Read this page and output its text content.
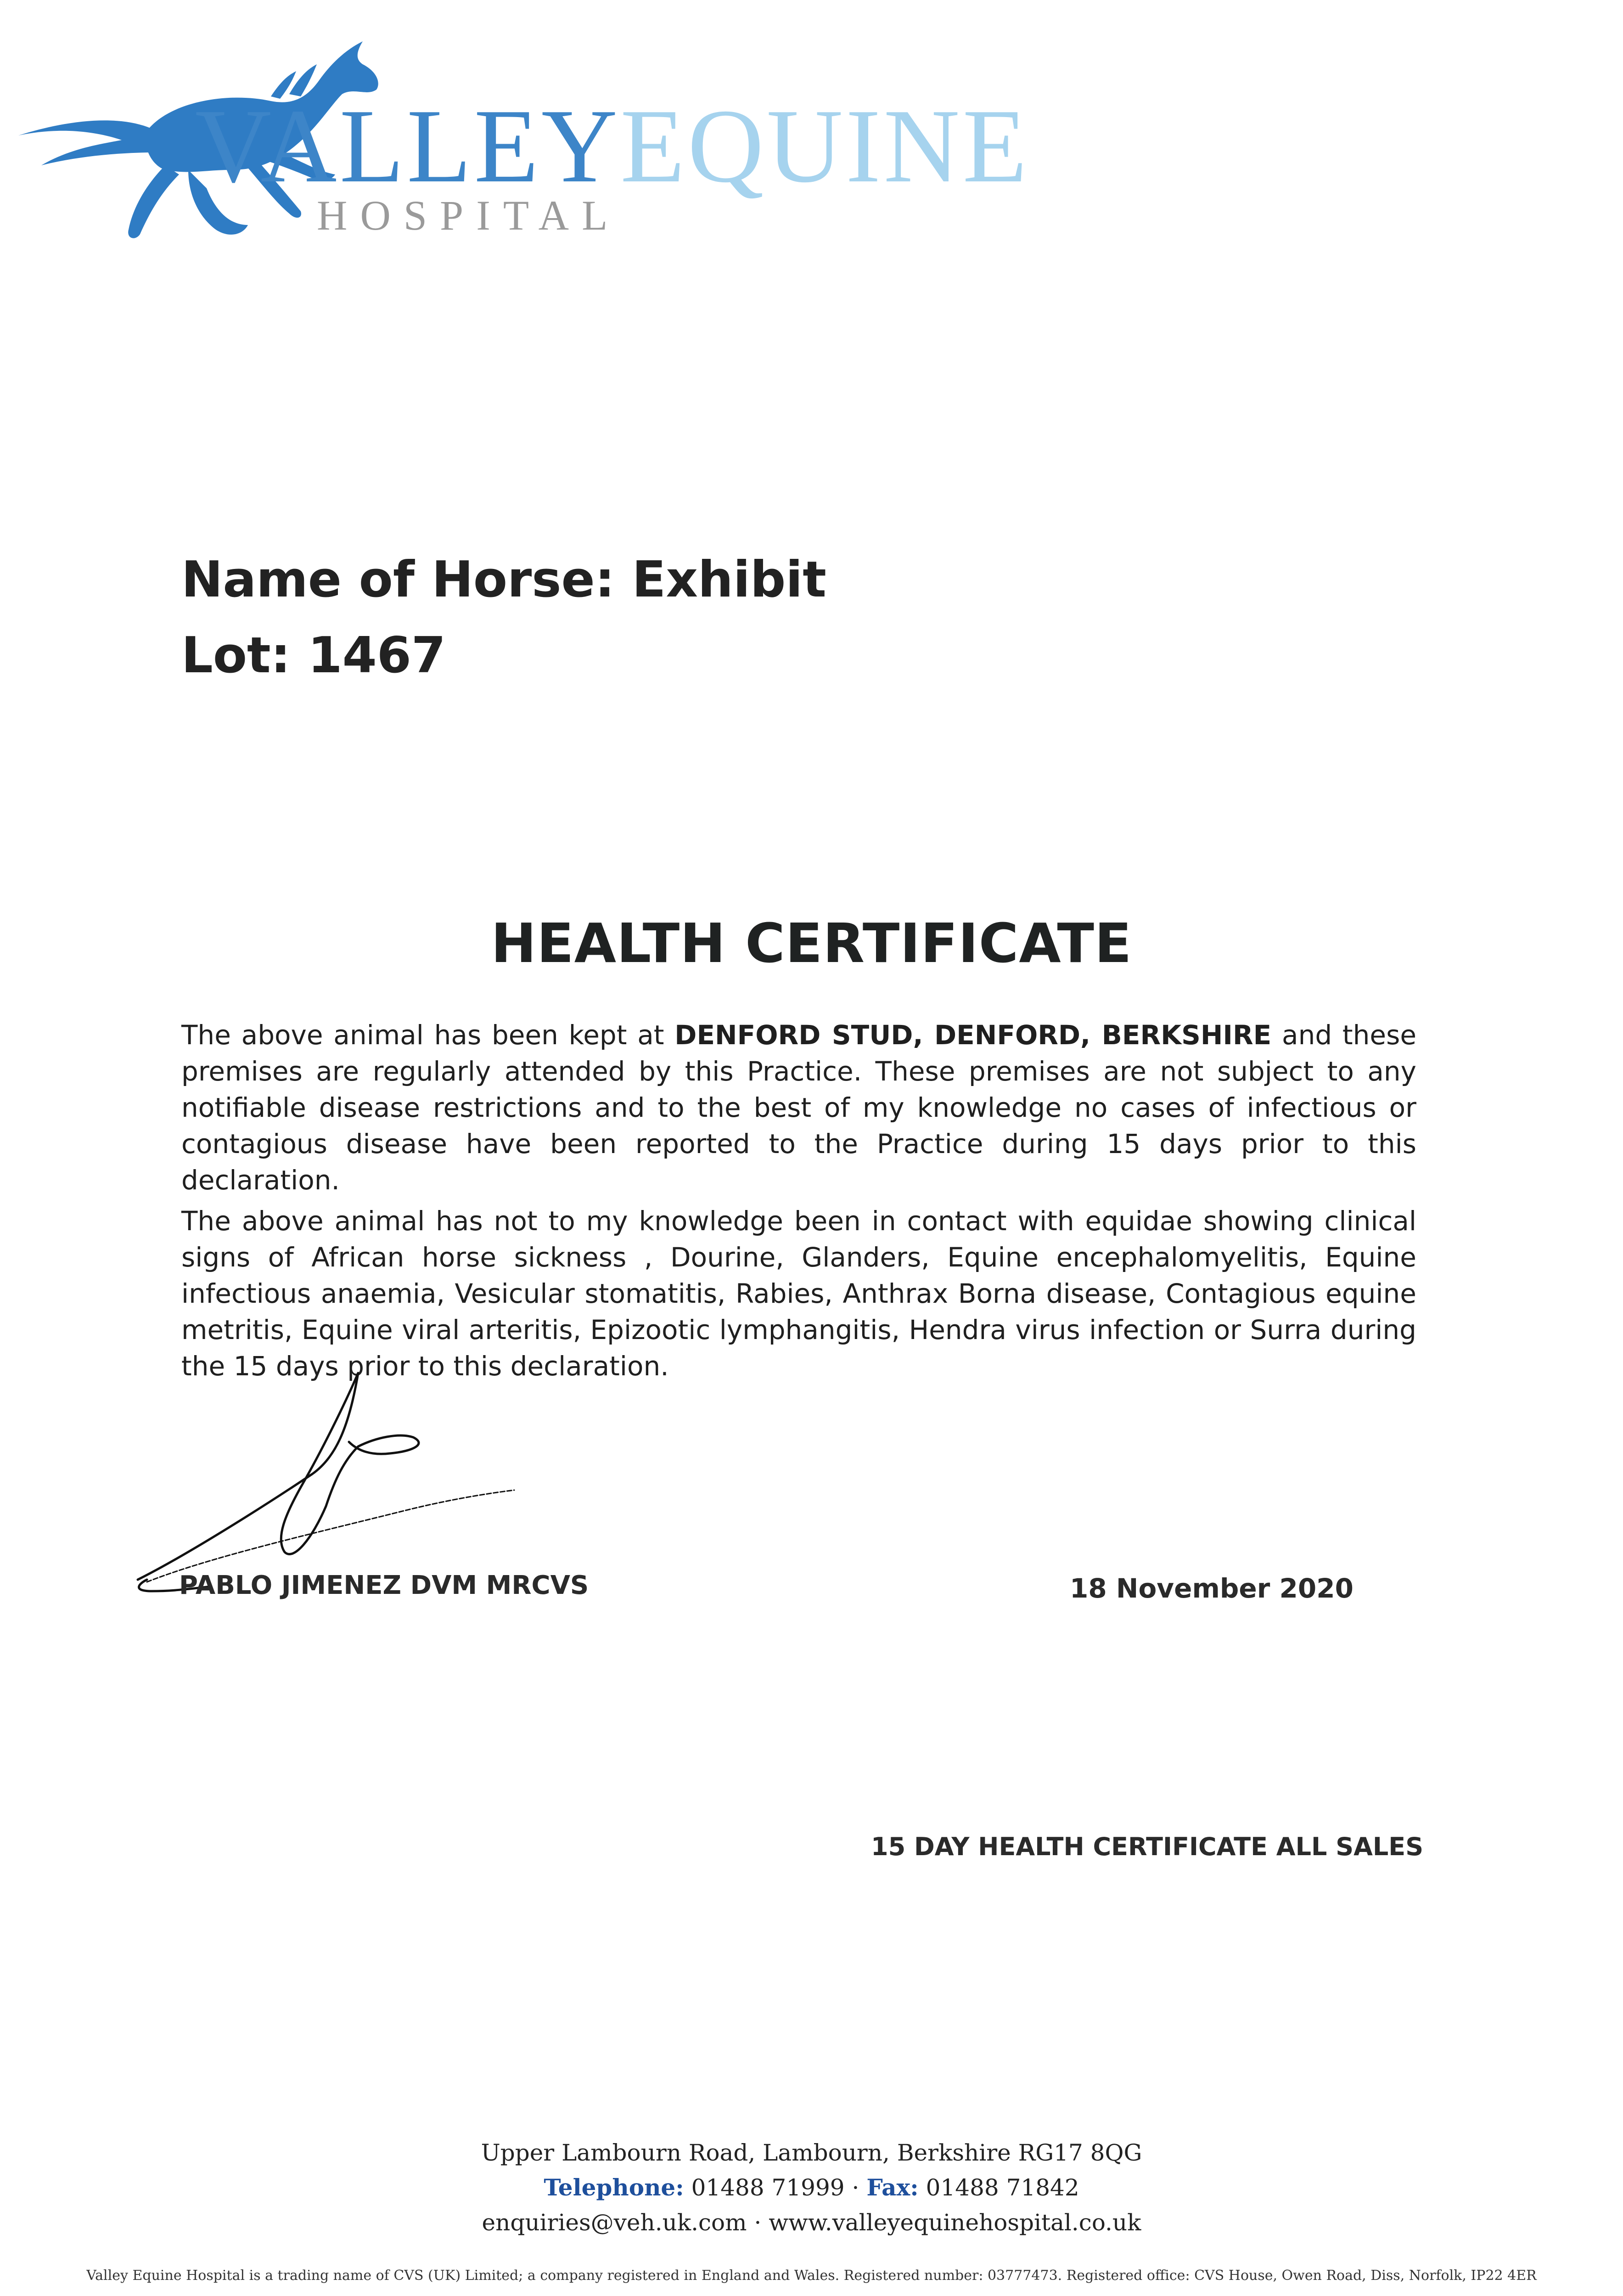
VALLEYEQUINE
HOSPITAL
Name of Horse: Exhibit
Lot: 1467
HEALTH CERTIFICATE
The above animal has been kept at DENFORD STUD, DENFORD, BERKSHIRE and these premises are regularly attended by this Practice. These premises are not subject to any notifiable disease restrictions and to the best of my knowledge no cases of infectious or contagious disease have been reported to the Practice during 15 days prior to this declaration.
The above animal has not to my knowledge been in contact with equidae showing clinical signs of African horse sickness , Dourine, Glanders, Equine encephalomyelitis, Equine infectious anaemia, Vesicular stomatitis, Rabies, Anthrax Borna disease, Contagious equine metritis, Equine viral arteritis, Epizootic lymphangitis, Hendra virus infection or Surra during the 15 days prior to this declaration.
PABLO JIMENEZ DVM MRCVS	18 November 2020
15 DAY HEALTH CERTIFICATE ALL SALES
Upper Lambourn Road, Lambourn, Berkshire RG17 8QG
Telephone: 01488 71999 · Fax: 01488 71842
enquiries@veh.uk.com · www.valleyequinehospital.co.uk
Valley Equine Hospital is a trading name of CVS (UK) Limited; a company registered in England and Wales. Registered number: 03777473. Registered office: CVS House, Owen Road, Diss, Norfolk, IP22 4ER
